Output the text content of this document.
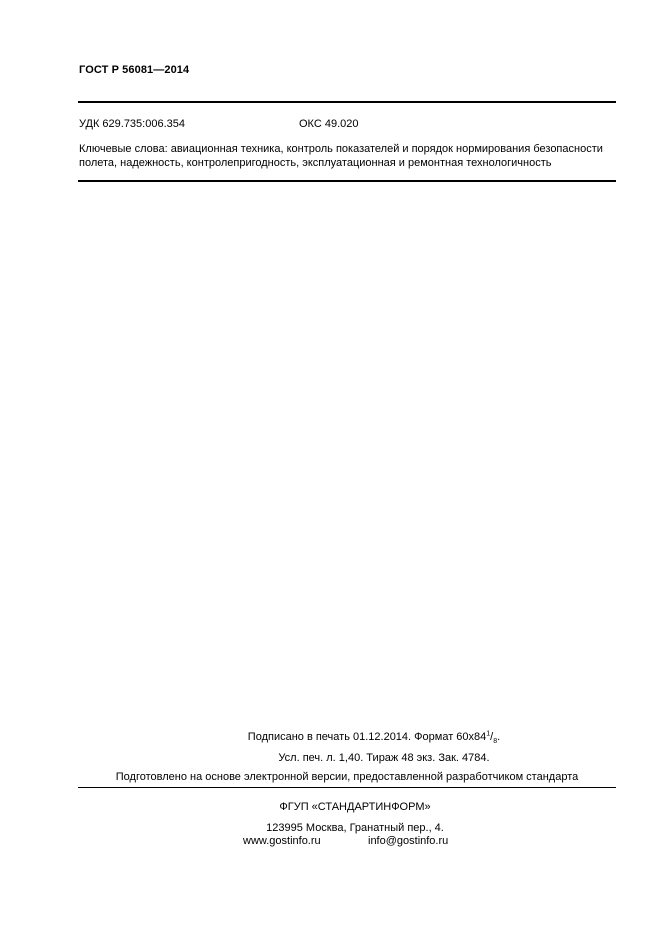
ГОСТ Р 56081—2014
УДК 629.735:006.354	ОКС 49.020
Ключевые слова: авиационная техника, контроль показателей и порядок нормирования безопасности
полета, надежность, контролепригодность, эксплуатационная и ремонтная технологичность
Подписано в печать 01.12.2014. Формат $60x84^1/_8$.
Усл. печ. л. 1,40. Тираж 48 экз. Зак. 4784.
Подготовлено на основе электронной версии, предоставленной разработчиком стандарта
ФГУП «СТАНДАРТИНФОРМ»
123995 Москва, Гранатный пер., 4.
www.gostinfo.ru	info@gostinfo.ru
